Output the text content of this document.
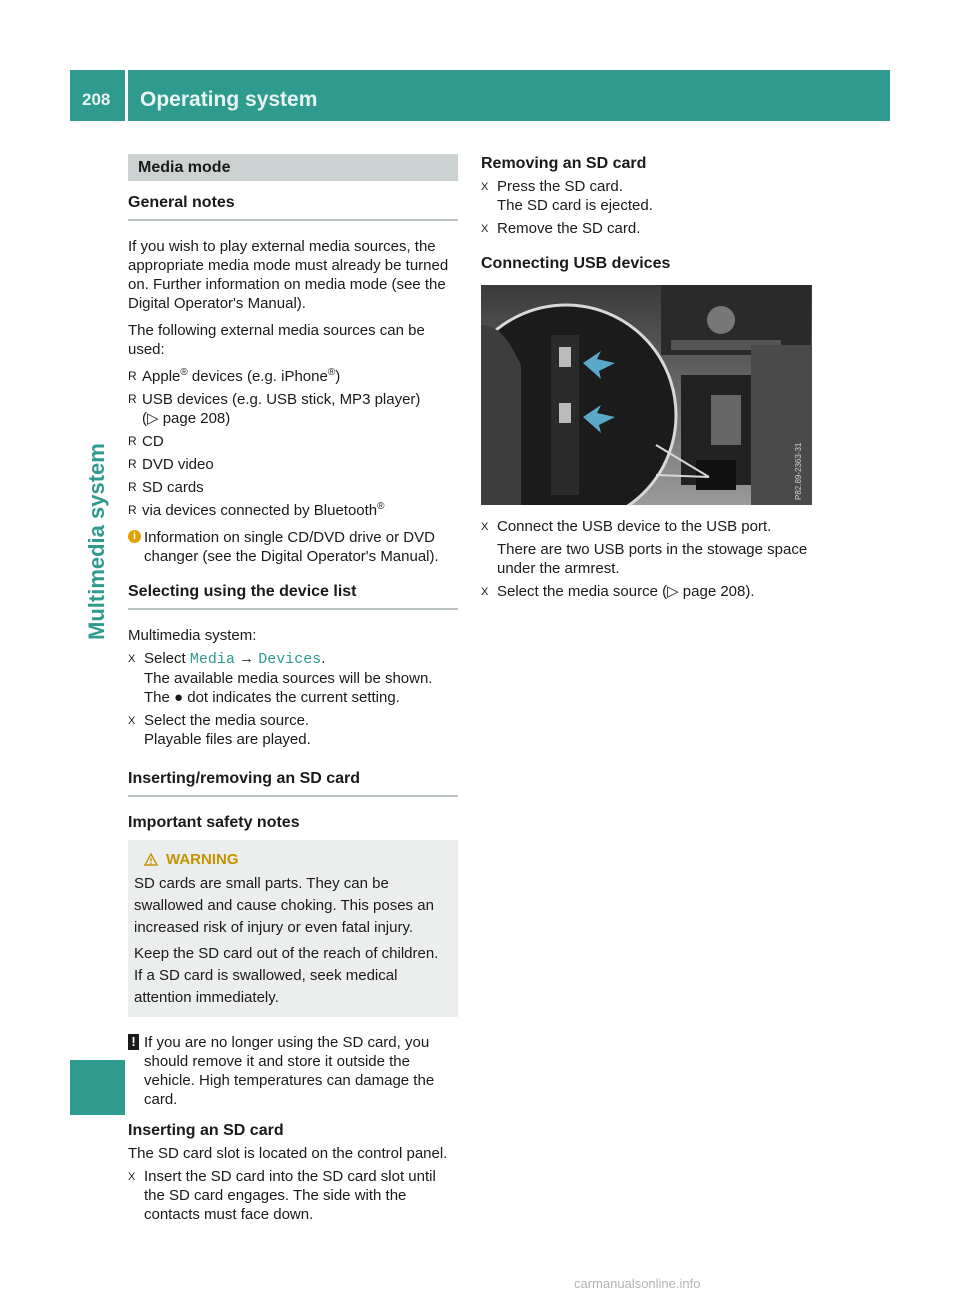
208 Operating system
Multimedia system
Media mode
General notes

If you wish to play external media sources, the appropriate media mode must already be turned on. Further information on media mode (see the Digital Operator's Manual).

The following external media sources can be used:

R Apple® devices (e.g. iPhone®)
R USB devices (e.g. USB stick, MP3 player)
(▷ page 208)
R CD
R DVD video
R SD cards
R via devices connected by Bluetooth®
i Information on single CD/DVD drive or DVD changer (see the Digital Operator's Manual).
Selecting using the device list

Multimedia system:

X Select Media → Devices.
The available media sources will be shown.
The ● dot indicates the current setting.
X Select the media source.
Playable files are played.
Inserting/removing an SD card
Important safety notes
WARNING

SD cards are small parts. They can be swallowed and cause choking. This poses an increased risk of injury or even fatal injury.

Keep the SD card out of the reach of children. If a SD card is swallowed, seek medical attention immediately.

! If you are no longer using the SD card, you should remove it and store it outside the vehicle. High temperatures can damage the card.
Inserting an SD card

The SD card slot is located on the control panel.

X Insert the SD card into the SD card slot until the SD card engages. The side with the contacts must face down.
Removing an SD card
X Press the SD card.
The SD card is ejected.
X Remove the SD card.
Connecting USB devices
P82.89-2363-31
X Connect the USB device to the USB port.

There are two USB ports in the stowage space under the armrest.

X Select the media source (▷ page 208).
carmanualsonline.info
